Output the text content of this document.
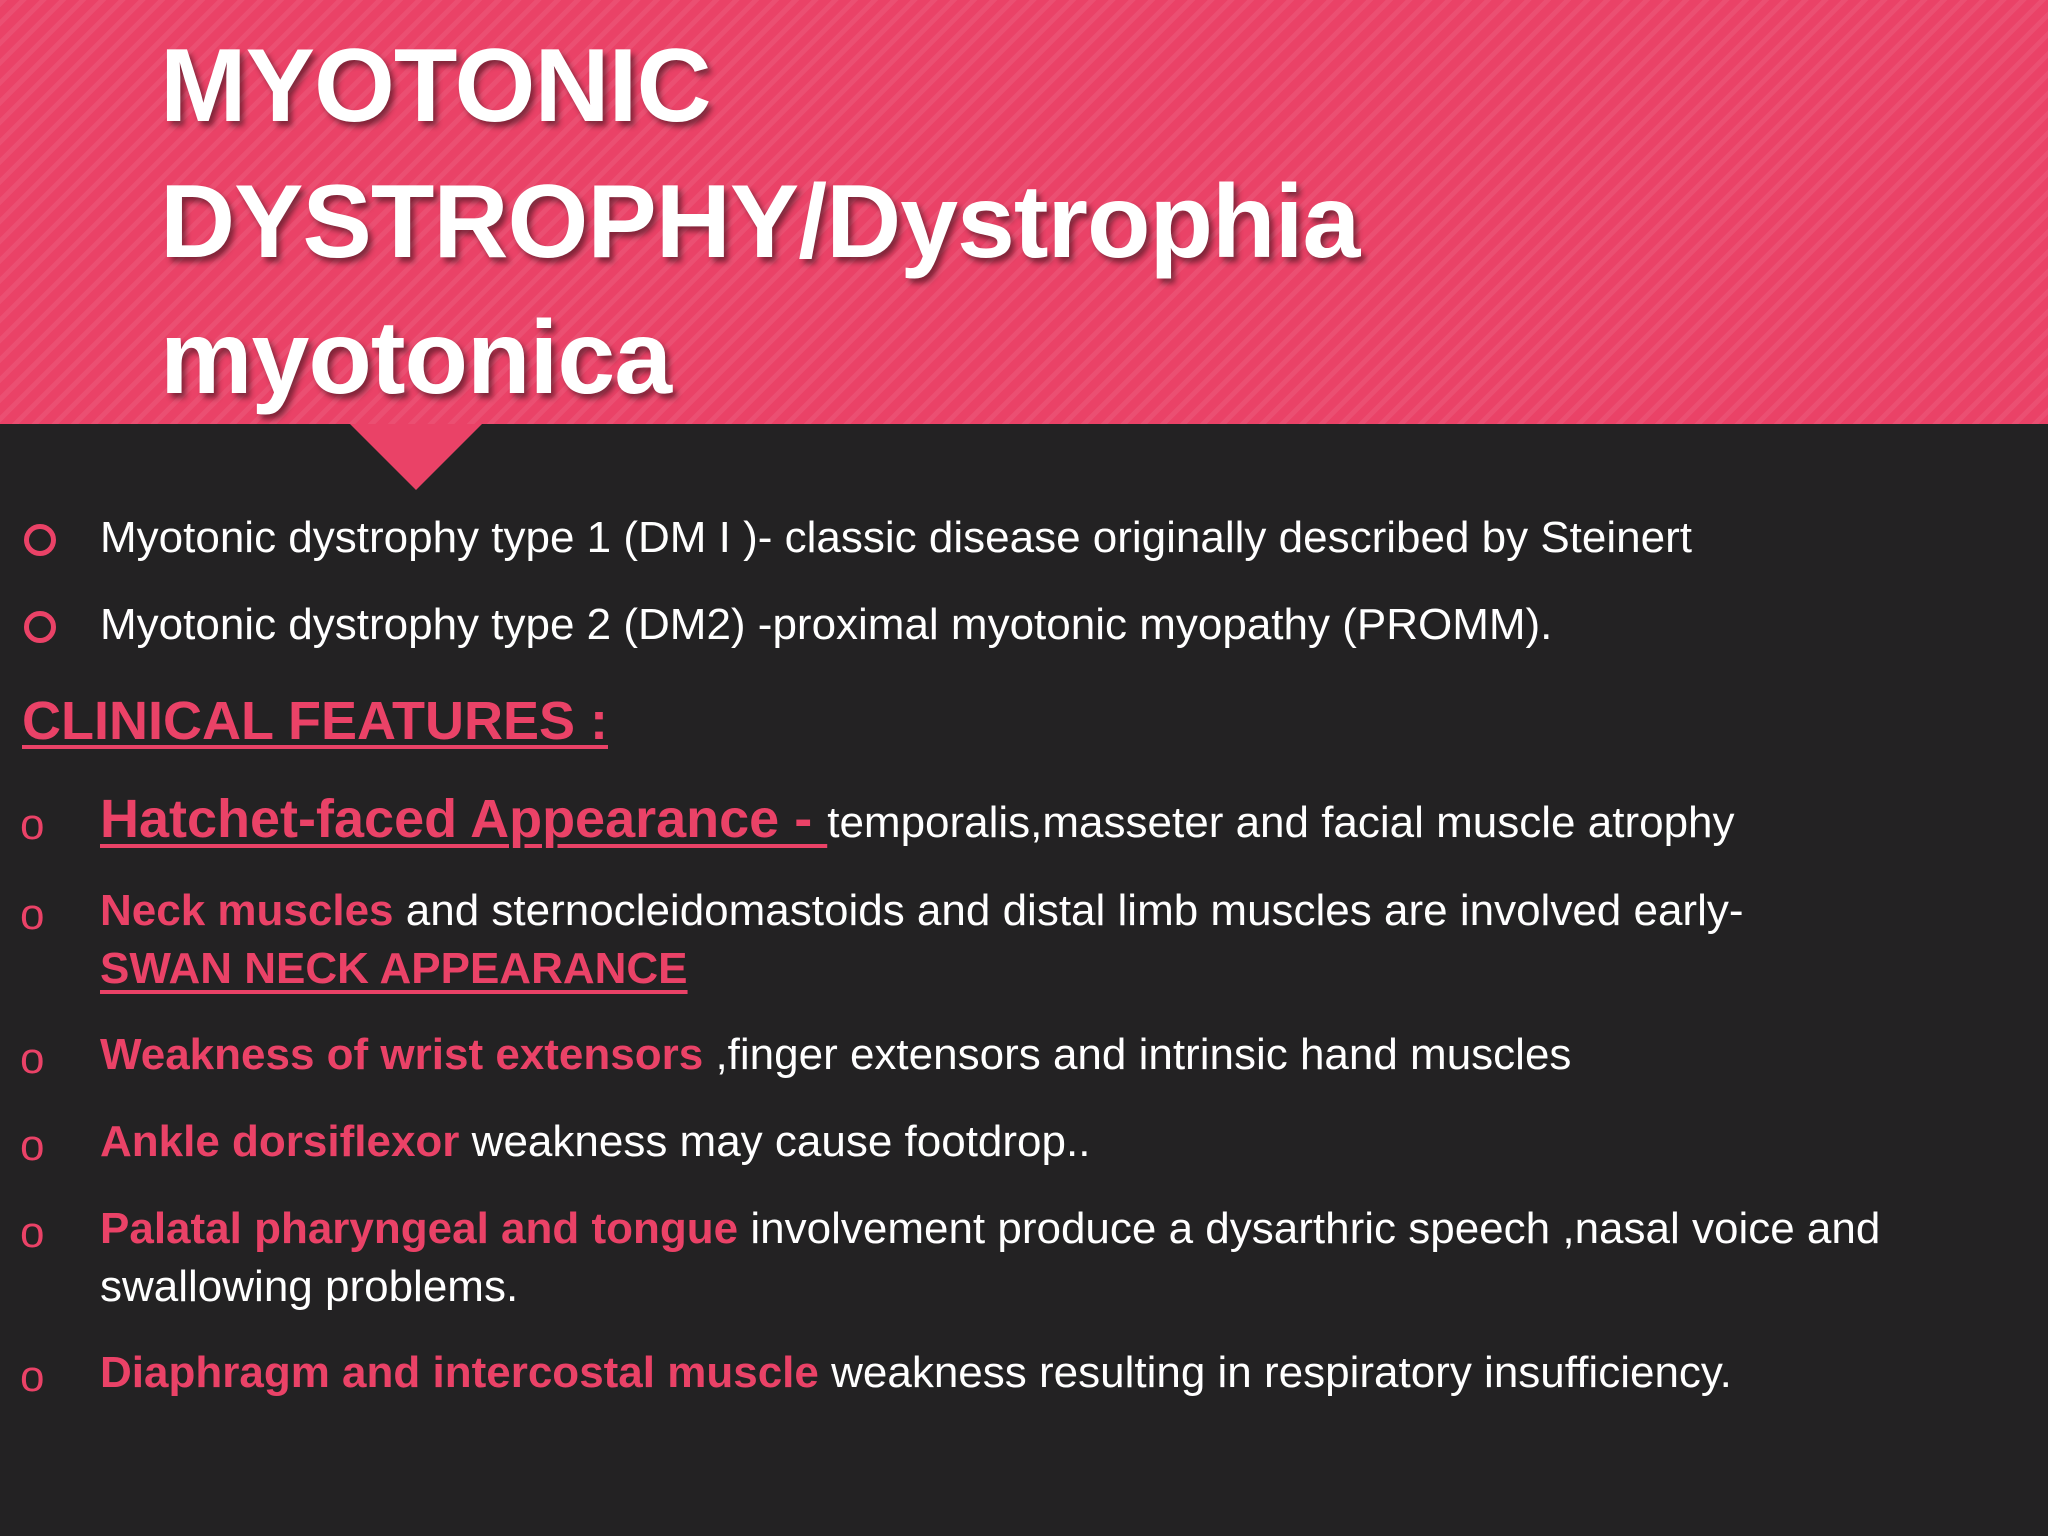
MYOTONIC
DYSTROPHY/Dystrophia
myotonica
Myotonic dystrophy type 1 (DM I )- classic disease originally described by Steinert
Myotonic dystrophy type 2 (DM2) -proximal myotonic myopathy (PROMM).
CLINICAL FEATURES :
o Hatchet-faced Appearance - temporalis,masseter and facial muscle atrophy
o Neck muscles and sternocleidomastoids and distal limb muscles are involved early-
SWAN NECK APPEARANCE
o Weakness of wrist extensors ,finger extensors and intrinsic hand muscles
o Ankle dorsiflexor weakness may cause footdrop..
o Palatal pharyngeal and tongue involvement produce a dysarthric speech ,nasal voice and swallowing problems.
o Diaphragm and intercostal muscle weakness resulting in respiratory insufficiency.
